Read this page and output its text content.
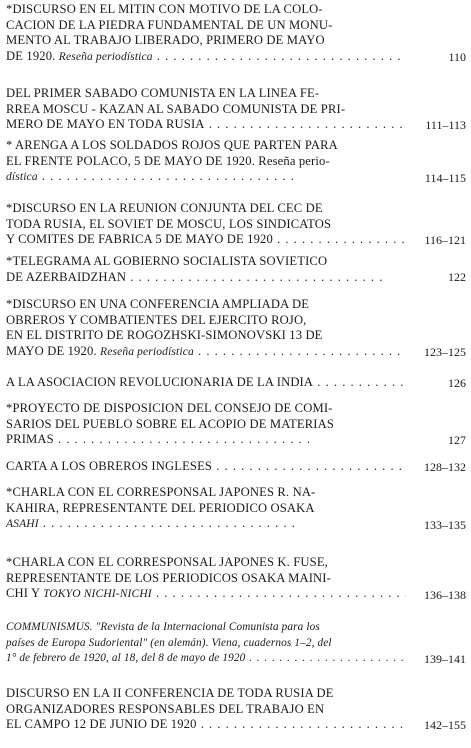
*DISCURSO EN EL MITIN CON MOTIVO DE LA COLO-
CACION DE LA PIEDRA FUNDAMENTAL DE UN MONU-
MENTO AL TRABAJO LIBERADO, PRIMERO DE MAYO

DE 1920. Reseña periodística . . .	110
DEL PRIMER SABADO COMUNISTA EN LA LINEA FE-
RREA MOSCU - KAZAN AL SABADO COMUNISTA DE PRI-

MERO DE MAYO EN TODA RUSIA . . .	111–113
* ARENGA A LOS SOLDADOS ROJOS QUE PARTEN PARA
EL FRENTE POLACO, 5 DE MAYO DE 1920. Reseña perio-

dística . . .	114–115
*DISCURSO EN LA REUNION CONJUNTA DEL CEC DE
TODA RUSIA, EL SOVIET DE MOSCU, LOS SINDICATOS

Y COMITES DE FABRICA 5 DE MAYO DE 1920 . . .	116–121
*TELEGRAMA AL GOBIERNO SOCIALISTA SOVIETICO

DE AZERBAIDZHAN . . .	122
*DISCURSO EN UNA CONFERENCIA AMPLIADA DE
OBREROS Y COMBATIENTES DEL EJERCITO ROJO,
EN EL DISTRITO DE ROGOZHSKI-SIMONOVSKI 13 DE

MAYO DE 1920. Reseña periodística . . .	123–125
A LA ASOCIACION REVOLUCIONARIA DE LA INDIA . . .	126
*PROYECTO DE DISPOSICION DEL CONSEJO DE COMI-
SARIOS DEL PUEBLO SOBRE EL ACOPIO DE MATERIAS

PRIMAS . . .	127
CARTA A LOS OBREROS INGLESES . . .	128–132
*CHARLA CON EL CORRESPONSAL JAPONES R. NA-
KAHIRA, REPRESENTANTE DEL PERIODICO OSAKA

ASAHI . . .	133–135
*CHARLA CON EL CORRESPONSAL JAPONES K. FUSE,
REPRESENTANTE DE LOS PERIODICOS OSAKA MAINI-

CHI Y TOKYO NICHI-NICHI . . .	136–138
COMMUNISMUS. "Revista de la Internacional Comunista para los
países de Europa Sudoriental" (en alemán). Viena, cuadernos 1–2, del

1° de febrero de 1920, al 18, del 8 de mayo de 1920 . . .	139–141
DISCURSO EN LA II CONFERENCIA DE TODA RUSIA DE
ORGANIZADORES RESPONSABLES DEL TRABAJO EN

EL CAMPO 12 DE JUNIO DE 1920 . . .	142–155
